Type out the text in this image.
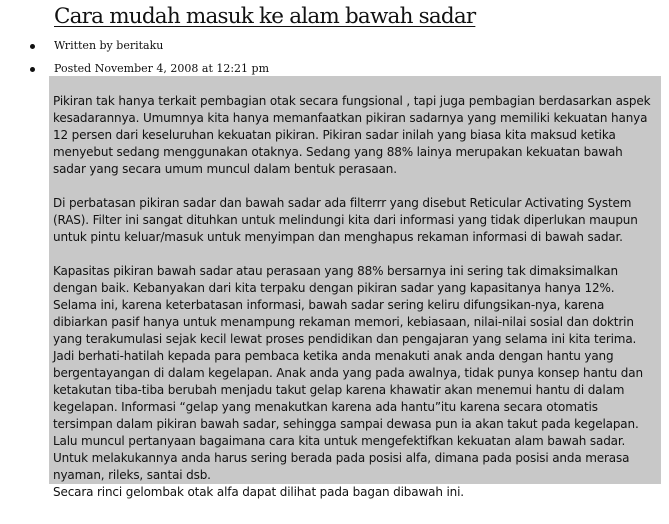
Cara mudah masuk ke alam bawah sadar
Written by beritaku
Posted November 4, 2008 at 12:21 pm

Pikiran tak hanya terkait pembagian otak secara fungsional , tapi juga pembagian berdasarkan aspek kesadarannya. Umumnya kita hanya memanfaatkan pikiran sadarnya yang memiliki kekuatan hanya 12 persen dari keseluruhan kekuatan pikiran. Pikiran sadar inilah yang biasa kita maksud ketika menyebut sedang menggunakan otaknya. Sedang yang 88% lainya merupakan kekuatan bawah sadar yang secara umum muncul dalam bentuk perasaan.

Di perbatasan pikiran sadar dan bawah sadar ada filterrr yang disebut Reticular Activating System (RAS). Filter ini sangat dituhkan untuk melindungi kita dari informasi yang tidak diperlukan maupun untuk pintu keluar/masuk untuk menyimpan dan menghapus rekaman informasi di bawah sadar.

Kapasitas pikiran bawah sadar atau perasaan yang 88% bersarnya ini sering tak dimaksimalkan dengan baik. Kebanyakan dari kita terpaku dengan pikiran sadar yang kapasitanya hanya 12%. Selama ini, karena keterbatasan informasi, bawah sadar sering keliru difungsikan-nya, karena dibiarkan pasif hanya untuk menampung rekaman memori, kebiasaan, nilai-nilai sosial dan doktrin yang terakumulasi sejak kecil lewat proses pendidikan dan pengajaran yang selama ini kita terima. Jadi berhati-hatilah kepada para pembaca ketika anda menakuti anak anda dengan hantu yang bergentayangan di dalam kegelapan. Anak anda yang pada awalnya, tidak punya konsep hantu dan ketakutan tiba-tiba berubah menjadu takut gelap karena khawatir akan menemui hantu di dalam kegelapan. Informasi “gelap yang menakutkan karena ada hantu”itu karena secara otomatis tersimpan dalam pikiran bawah sadar, sehingga sampai dewasa pun ia akan takut pada kegelapan. Lalu muncul pertanyaan bagaimana cara kita untuk mengefektifkan kekuatan alam bawah sadar. Untuk melakukannya anda harus sering berada pada posisi alfa, dimana pada posisi anda merasa nyaman, rileks, santai dsb.

Secara rinci gelombak otak alfa dapat dilihat pada bagan dibawah ini.
